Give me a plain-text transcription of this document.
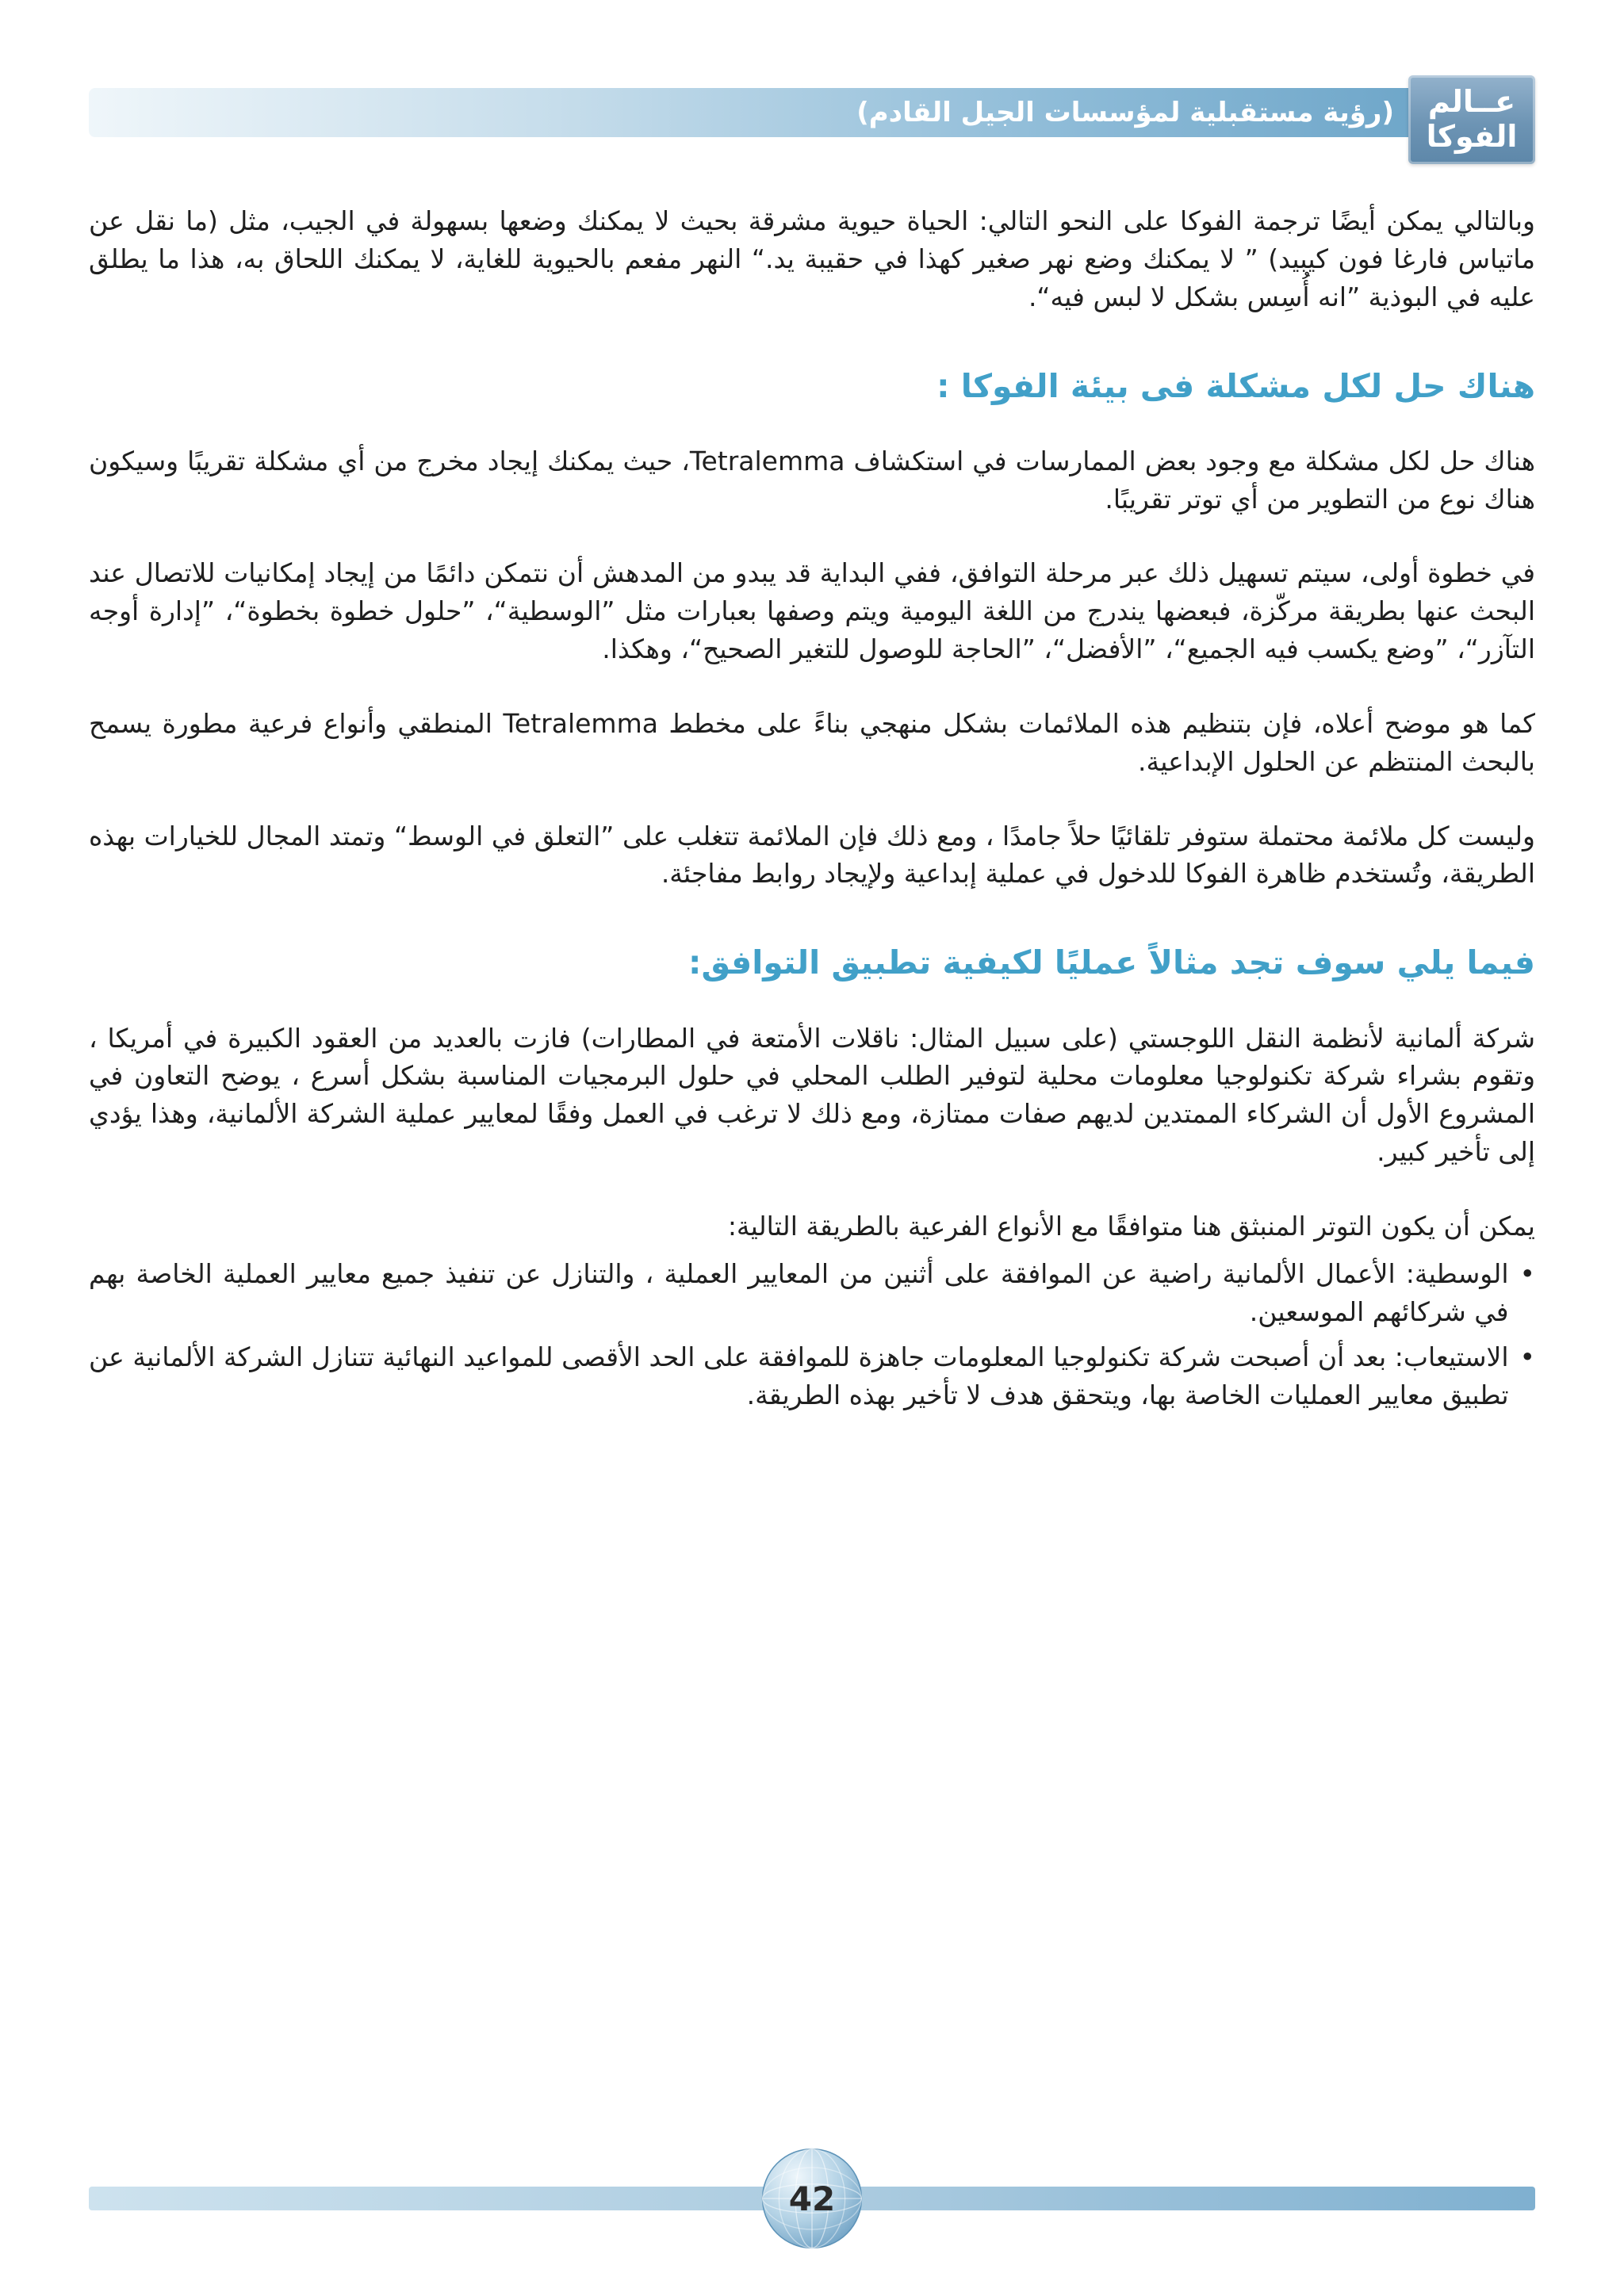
(رؤية مستقبلية لمؤسسات الجيل القادم)	عــالم
الفوكا

وبالتالي يمكن أيضًا ترجمة الفوكا على النحو التالي: الحياة حيوية مشرقة بحيث لا يمكنك وضعها بسهولة في الجيب، مثل (ما نقل عن ماتياس فارغا فون كيبيد) ” لا يمكنك وضع نهر صغير كهذا في حقيبة يد.“ النهر مفعم بالحيوية للغاية، لا يمكنك اللحاق به، هذا ما يطلق عليه في البوذية ”انه أُسِس بشكل لا لبس فيه“.

هناك حل لكل مشكلة فى بيئة الفوكا :

هناك حل لكل مشكلة مع وجود بعض الممارسات في استكشاف Tetralemma، حيث يمكنك إيجاد مخرج من أي مشكلة تقريبًا وسيكون هناك نوع من التطوير من أي توتر تقريبًا.

في خطوة أولى، سيتم تسهيل ذلك عبر مرحلة التوافق، ففي البداية قد يبدو من المدهش أن نتمكن دائمًا من إيجاد إمكانيات للاتصال عند البحث عنها بطريقة مركّزة، فبعضها يندرج من اللغة اليومية ويتم وصفها بعبارات مثل ”الوسطية“، ”حلول خطوة بخطوة“، ”إدارة أوجه التآزر“، ”وضع يكسب فيه الجميع“، ”الأفضل“، ”الحاجة للوصول للتغير الصحيح“، وهكذا.

كما هو موضح أعلاه، فإن بتنظيم هذه الملائمات بشكل منهجي بناءً على مخطط Tetralemma المنطقي وأنواع فرعية مطورة يسمح بالبحث المنتظم عن الحلول الإبداعية.

وليست كل ملائمة محتملة ستوفر تلقائيًا حلاً جامدًا ، ومع ذلك فإن الملائمة تتغلب على ”التعلق في الوسط“ وتمتد المجال للخيارات بهذه الطريقة، وتُستخدم ظاهرة الفوكا للدخول في عملية إبداعية ولإيجاد روابط مفاجئة.

فيما يلي سوف تجد مثالاً عمليًا لكيفية تطبيق التوافق:

شركة ألمانية لأنظمة النقل اللوجستي (على سبيل المثال: ناقلات الأمتعة في المطارات) فازت بالعديد من العقود الكبيرة في أمريكا ، وتقوم بشراء شركة تكنولوجيا معلومات محلية لتوفير الطلب المحلي في حلول البرمجيات المناسبة بشكل أسرع ، يوضح التعاون في المشروع الأول أن الشركاء الممتدين لديهم صفات ممتازة، ومع ذلك لا ترغب في العمل وفقًا لمعايير عملية الشركة الألمانية، وهذا يؤدي إلى تأخير كبير.

يمكن أن يكون التوتر المنبثق هنا متوافقًا مع الأنواع الفرعية بالطريقة التالية:

•
الوسطية: الأعمال الألمانية راضية عن الموافقة على أثنين من المعايير العملية ، والتنازل عن تنفيذ جميع معايير العملية الخاصة بهم في شركائهم الموسعين.
•
الاستيعاب: بعد أن أصبحت شركة تكنولوجيا المعلومات جاهزة للموافقة على الحد الأقصى للمواعيد النهائية تتنازل الشركة الألمانية عن تطبيق معايير العمليات الخاصة بها، ويتحقق هدف لا تأخير بهذه الطريقة.
42
